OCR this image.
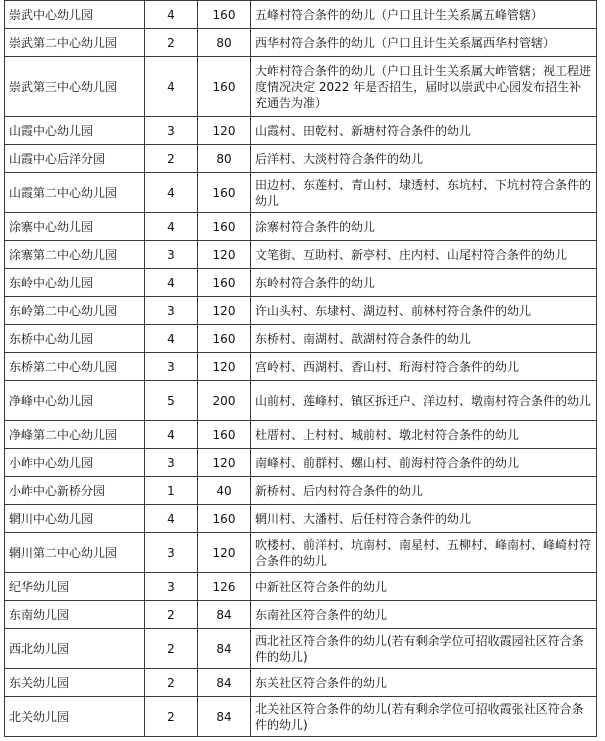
崇武中心幼儿园	4	160	五峰村符合条件的幼儿（户口且计生关系属五峰管辖）
崇武第二中心幼儿园	2	80	西华村符合条件的幼儿（户口且计生关系属西华村管辖）
崇武第三中心幼儿园	4	160	大岞村符合条件的幼儿（户口且计生关系属大岞管辖；视工程进度情况决定 2022 年是否招生，届时以崇武中心园发布招生补充通告为准）
山霞中心幼儿园	3	120	山霞村、田乾村、新塘村符合条件的幼儿
山霞中心后洋分园	2	80	后洋村、大淡村符合条件的幼儿
山霞第二中心幼儿园	4	160	田边村、东莲村、青山村、埭透村、东坑村、下坑村符合条件的幼儿
涂寨中心幼儿园	4	160	涂寨村符合条件的幼儿
涂寨第二中心幼儿园	3	120	文笔街、互助村、新亭村、庄内村、山尾村符合条件的幼儿
东岭中心幼儿园	4	160	东岭村符合条件的幼儿
东岭第二中心幼儿园	3	120	许山头村、东埭村、湖边村、前林村符合条件的幼儿
东桥中心幼儿园	4	160	东桥村、南湖村、歆湖村符合条件的幼儿
东桥第二中心幼儿园	3	120	宫岭村、西湖村、香山村、珩海村符合条件的幼儿
净峰中心幼儿园	5	200	山前村、莲峰村、镇区拆迁户、洋边村、墩南村符合条件的幼儿
净峰第二中心幼儿园	4	160	杜厝村、上村村、城前村、墩北村符合条件的幼儿
小岞中心幼儿园	3	120	南峰村、前群村、螺山村、前海村符合条件的幼儿
小岞中心新桥分园	1	40	新桥村、后内村符合条件的幼儿
辋川中心幼儿园	4	160	辋川村、大潘村、后任村符合条件的幼儿
辋川第二中心幼儿园	3	120	吹楼村、前洋村、坑南村、南星村、五柳村、峰南村、峰崎村符合条件的幼儿
纪华幼儿园	3	126	中新社区符合条件的幼儿
东南幼儿园	2	84	东南社区符合条件的幼儿
西北幼儿园	2	84	西北社区符合条件的幼儿(若有剩余学位可招收霞园社区符合条件的幼儿)
东关幼儿园	2	84	东关社区符合条件的幼儿
北关幼儿园	2	84	北关社区符合条件的幼儿(若有剩余学位可招收霞张社区符合条件的幼儿)
